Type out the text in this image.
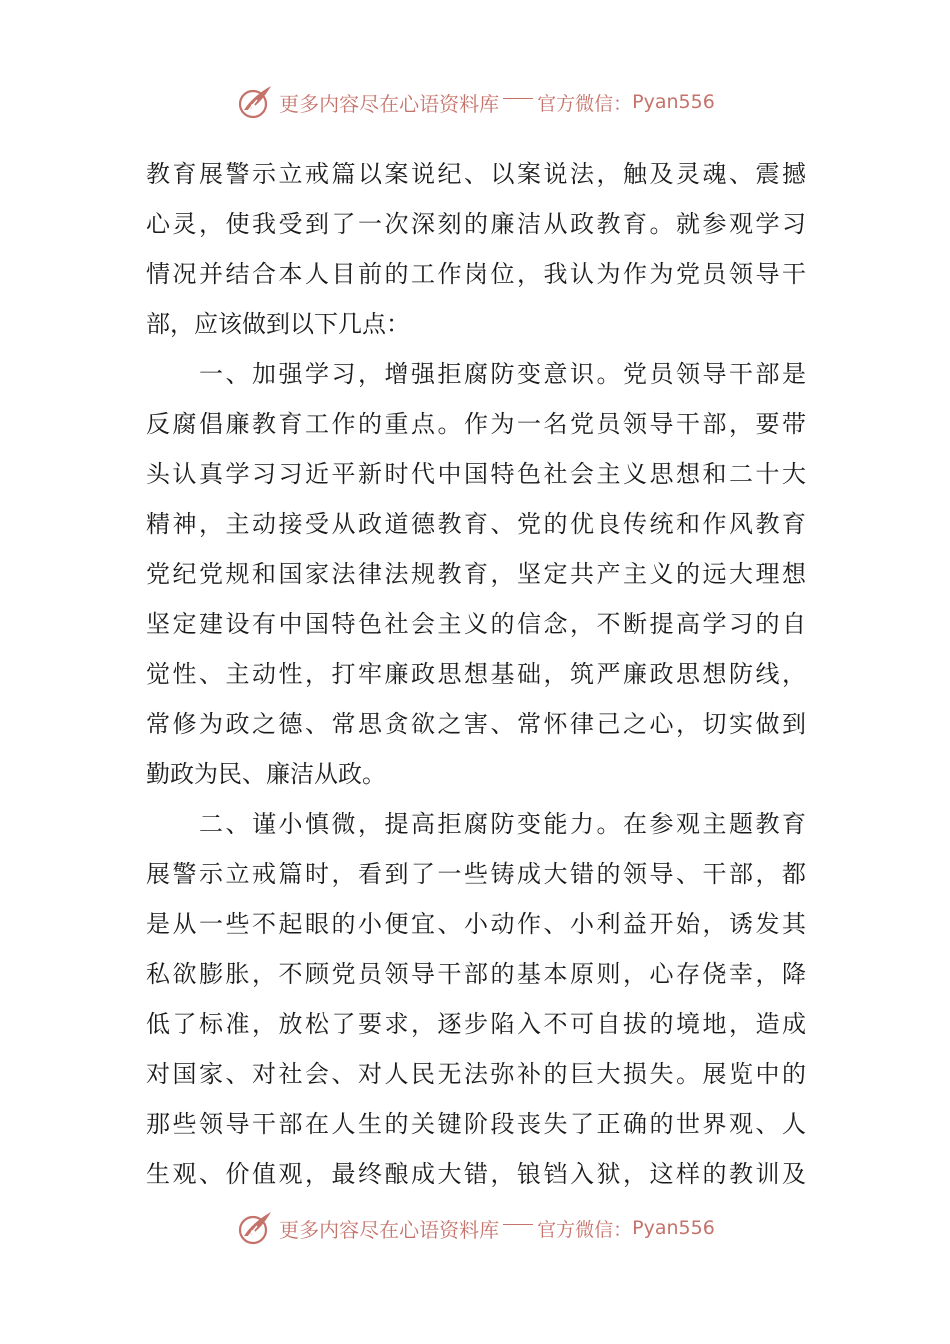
更多内容尽在心语资料库 官方微信： Pyan556

教育展警示立戒篇以案说纪、以案说法，触及灵魂、震撼
心灵，使我受到了一次深刻的廉洁从政教育。就参观学习
情况并结合本人目前的工作岗位，我认为作为党员领导干
部，应该做到以下几点：

　　一、加强学习，增强拒腐防变意识。党员领导干部是
反腐倡廉教育工作的重点。作为一名党员领导干部，要带
头认真学习习近平新时代中国特色社会主义思想和二十大
精神，主动接受从政道德教育、党的优良传统和作风教育
党纪党规和国家法律法规教育，坚定共产主义的远大理想
坚定建设有中国特色社会主义的信念，不断提高学习的自
觉性、主动性，打牢廉政思想基础，筑严廉政思想防线，
常修为政之德、常思贪欲之害、常怀律己之心，切实做到
勤政为民、廉洁从政。

　　二、谨小慎微，提高拒腐防变能力。在参观主题教育
展警示立戒篇时，看到了一些铸成大错的领导、干部，都
是从一些不起眼的小便宜、小动作、小利益开始，诱发其
私欲膨胀，不顾党员领导干部的基本原则，心存侥幸，降
低了标准，放松了要求，逐步陷入不可自拔的境地，造成
对国家、对社会、对人民无法弥补的巨大损失。展览中的
那些领导干部在人生的关键阶段丧失了正确的世界观、人
生观、价值观，最终酿成大错，锒铛入狱，这样的教训及

更多内容尽在心语资料库 官方微信： Pyan556
